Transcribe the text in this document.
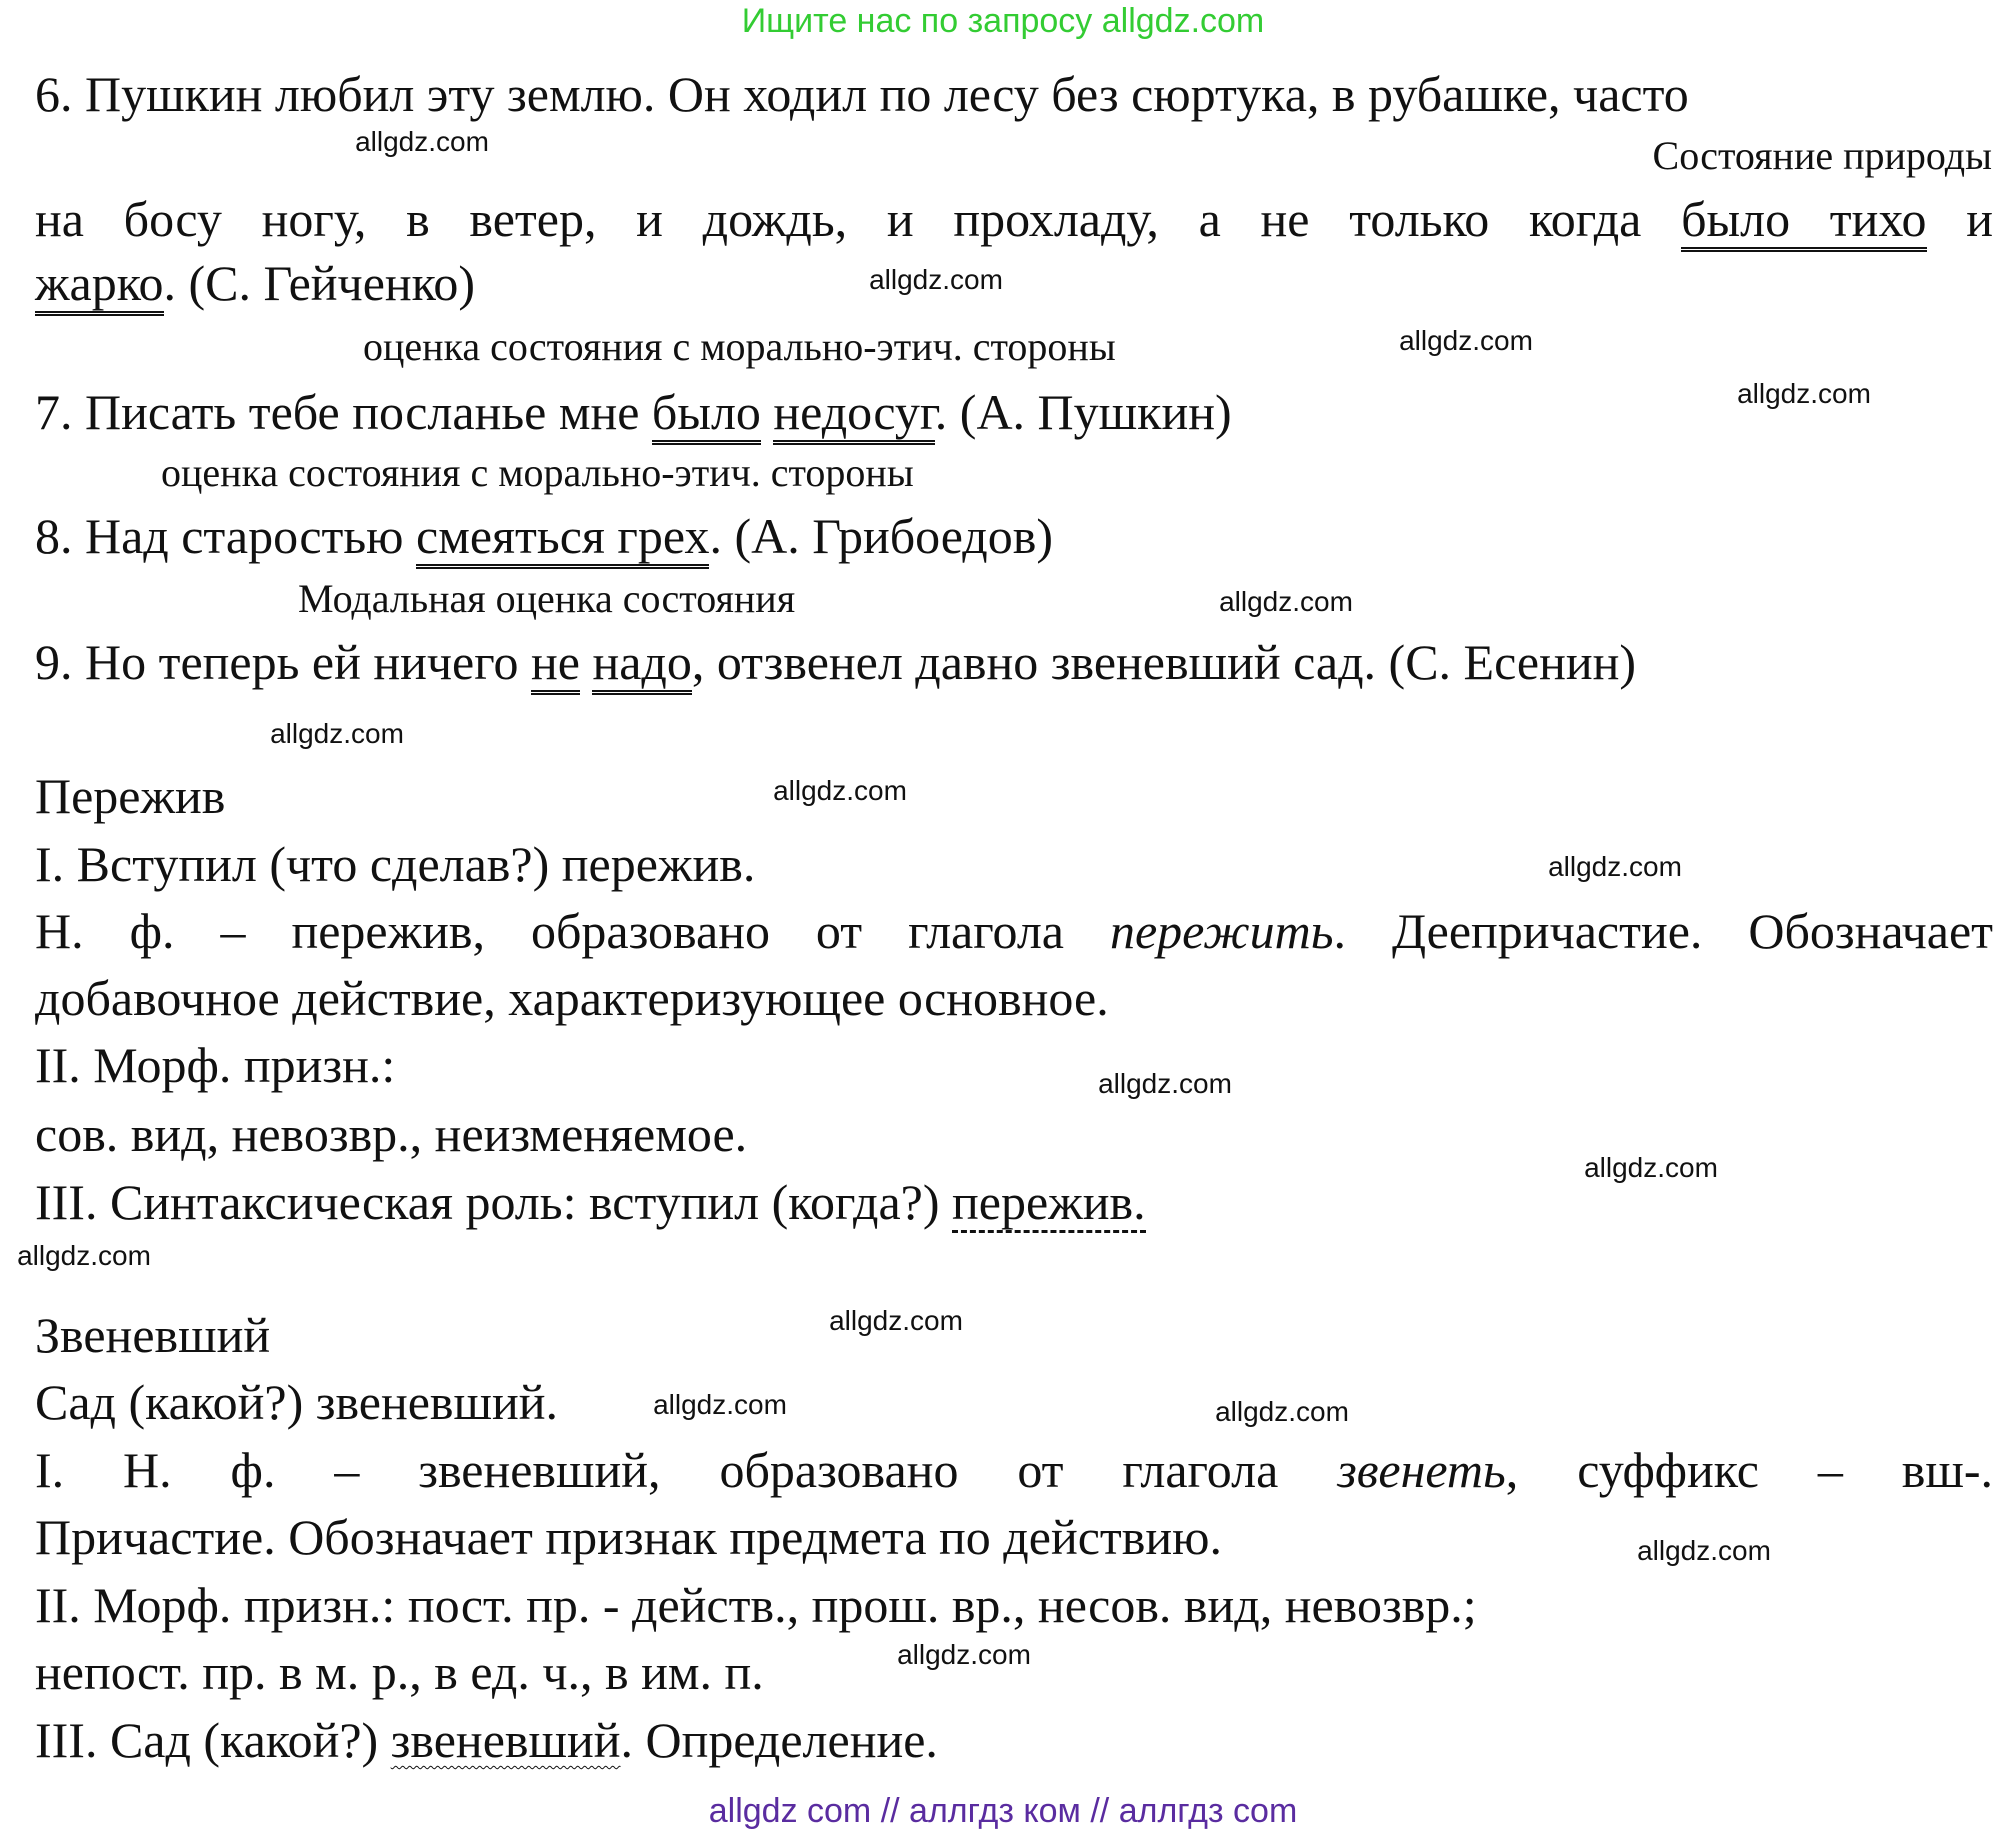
Ищите нас по запросу allgdz.com
6. Пушкин любил эту землю. Он ходил по лесу без сюртука, в рубашке, часто
Состояние природы
на босу ногу, в ветер, и дождь, и прохладу, а не только когда было тихо и
жарко. (С. Гейченко)
оценка состояния с морально-этич. стороны
7. Писать тебе посланье мне было недосуг. (А. Пушкин)
оценка состояния с морально-этич. стороны
8. Над старостью смеяться грех. (А. Грибоедов)
Модальная оценка состояния
9. Но теперь ей ничего не надо, отзвенел давно звеневший сад. (С. Есенин)
Пережив
I. Вступил (что сделав?) пережив.
Н. ф. – пережив, образовано от глагола пережить. Деепричастие. Обозначает
добавочное действие, характеризующее основное.
II. Морф. призн.:
сов. вид, невозвр., неизменяемое.
III. Синтаксическая роль: вступил (когда?) пережив.
Звеневший
Сад (какой?) звеневший.
I. Н. ф. – звеневший, образовано от глагола звенеть, суффикс – вш-.
Причастие. Обозначает признак предмета по действию.
II. Морф. призн.: пост. пр. - действ., прош. вр., несов. вид, невозвр.;
непост. пр. в м. р., в ед. ч., в им. п.
III. Сад (какой?) звеневший. Определение.
allgdz.com
allgdz.com
allgdz.com
allgdz.com
allgdz.com
allgdz.com
allgdz.com
allgdz.com
allgdz.com
allgdz.com
allgdz.com
allgdz.com
allgdz.com
allgdz.com
allgdz.com
allgdz.com
allgdz com // аллгдз ком // аллгдз com
